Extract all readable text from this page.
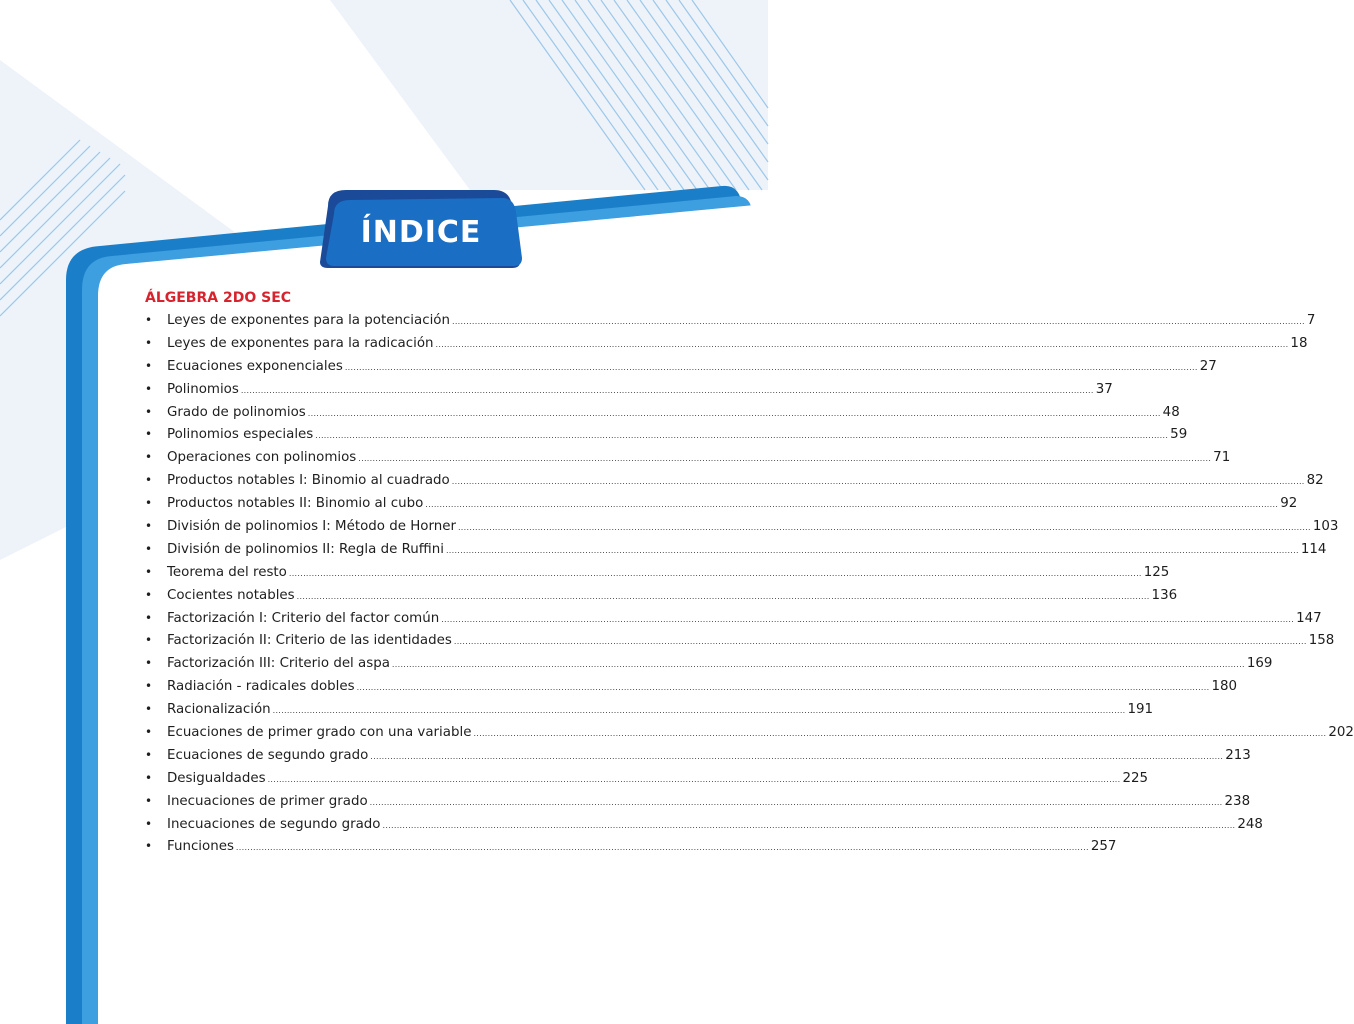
ÍNDICE
ÁLGEBRA 2DO SEC
•	Leyes de exponentes para la potenciación ............................................................................................................................................................................................................................................................................................................ 7
•	Leyes de exponentes para la radicación ............................................................................................................................................................................................................................................................................................................ 18
•	Ecuaciones exponenciales ............................................................................................................................................................................................................................................................................................................ 27
•	Polinomios ............................................................................................................................................................................................................................................................................................................ 37
•	Grado de polinomios ............................................................................................................................................................................................................................................................................................................ 48
•	Polinomios especiales ............................................................................................................................................................................................................................................................................................................ 59
•	Operaciones con polinomios ............................................................................................................................................................................................................................................................................................................ 71
•	Productos notables I: Binomio al cuadrado ............................................................................................................................................................................................................................................................................................................ 82
•	Productos notables II: Binomio al cubo ............................................................................................................................................................................................................................................................................................................ 92
•	División de polinomios I: Método de Horner ............................................................................................................................................................................................................................................................................................................ 103
•	División de polinomios II: Regla de Ruffini ............................................................................................................................................................................................................................................................................................................ 114
•	Teorema del resto ............................................................................................................................................................................................................................................................................................................ 125
•	Cocientes notables ............................................................................................................................................................................................................................................................................................................ 136
•	Factorización I: Criterio del factor común ............................................................................................................................................................................................................................................................................................................ 147
•	Factorización II: Criterio de las identidades ............................................................................................................................................................................................................................................................................................................ 158
•	Factorización III: Criterio del aspa ............................................................................................................................................................................................................................................................................................................ 169
•	Radiación - radicales dobles ............................................................................................................................................................................................................................................................................................................ 180
•	Racionalización ............................................................................................................................................................................................................................................................................................................ 191
•	Ecuaciones de primer grado con una variable ............................................................................................................................................................................................................................................................................................................ 202
•	Ecuaciones de segundo grado ............................................................................................................................................................................................................................................................................................................ 213
•	Desigualdades ............................................................................................................................................................................................................................................................................................................ 225
•	Inecuaciones de primer grado ............................................................................................................................................................................................................................................................................................................ 238
•	Inecuaciones de segundo grado ............................................................................................................................................................................................................................................................................................................ 248
•	Funciones ............................................................................................................................................................................................................................................................................................................ 257
